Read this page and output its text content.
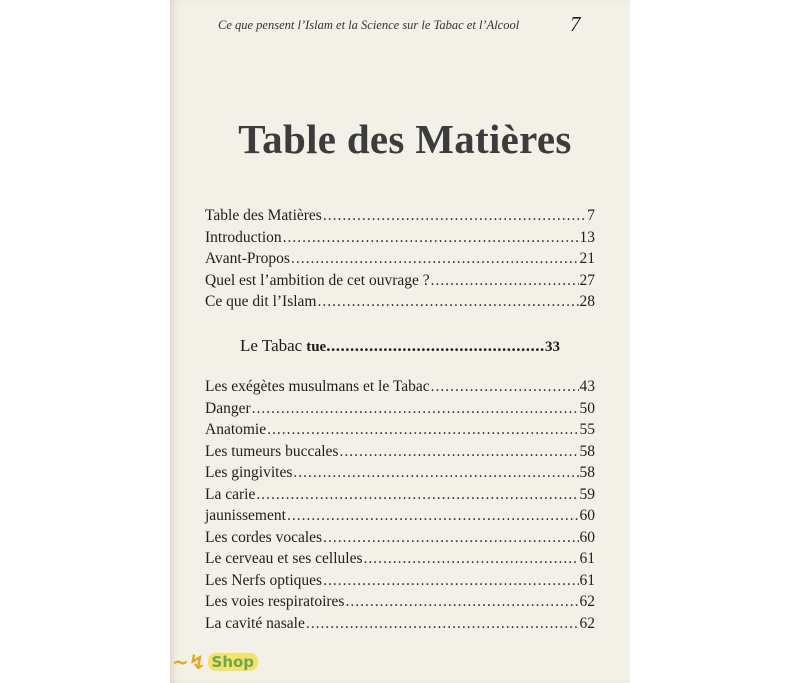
Ce que pensent l’Islam et la Science sur le Tabac et l’Alcool	7
Table des Matières
Table des Matières .....	7
Introduction .....	13
Avant-Propos .....	21
Quel est l’ambition de cet ouvrage ? .....	27
Ce que dit l’Islam .....	28
Le Tabac tue .....	33
Les exégètes musulmans et le Tabac .....	43
Danger .....	50
Anatomie .....	55
Les tumeurs buccales .....	58
Les gingivites .....	58
La carie .....	59
jaunissement .....	60
Les cordes vocales .....	60
Le cerveau et ses cellules .....	61
Les Nerfs optiques .....	61
Les voies respiratoires .....	62
La cavité nasale .....	62
~↯ Shop
